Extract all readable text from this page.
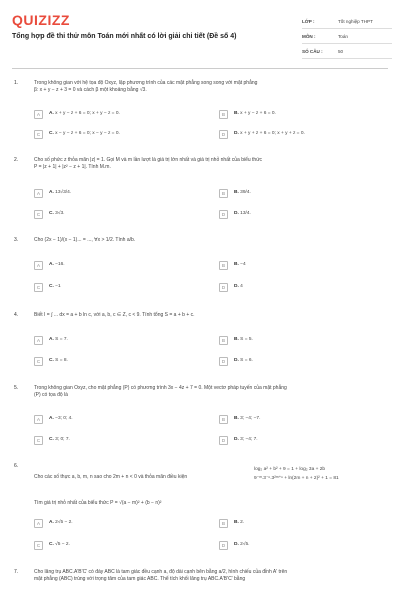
QUIZIZZ
Tổng hợp đề thi thử môn Toán mới nhất có lời giải chi tiết (Đề số 4)
LỚP :	Tốt nghiệp THPT
MÔN :	Toán
SỐ CÂU :	50
1.	Trong không gian với hệ tọa độ Oxyz, lập phương trình của các mặt phẳng song song với mặt phẳng
β: x + y − z + 3 = 0 và cách β một khoảng bằng √3.
A	A. x + y − z + 6 = 0; x + y − z = 0.	B	B. x + y − z + 6 = 0.
C	C. x − y − z + 6 = 0; x − y − z = 0.	D	D. x + y + z + 6 = 0; x + y + z = 0.
2.	Cho số phức z thỏa mãn |z| = 1. Gọi M và m lần lượt là giá trị lớn nhất và giá trị nhỏ nhất của biểu thức
P = |z + 1| + |z² − z + 1|. Tính M.m.
A	A. 13√3/4.	B	B. 39/4.
C	C. 3√3.	D	D. 13/4.
3.	Cho (2x − 1)/(x − 1)... = ..., ∀x > 1/2. Tính a/b.
A	A. −16.	B	B. −4
C	C. −1	D	D. 4
4.	Biết I = ∫ ... dx = a + b ln c, với a, b, c ∈ Z, c < 9. Tính tổng S = a + b + c.
A	A. S = 7.	B	B. S = 5.
C	C. S = 8.	D	D. S = 6.
5.	Trong không gian Oxyz, cho mặt phẳng (P) có phương trình 3x − 4z + 7 = 0. Một vectơ pháp tuyến của mặt phẳng
(P) có tọa độ là
A	A. −3; 0; 4.	B	B. 3; −4; −7.
C	C. 3; 0; 7.	D	D. 3; −4; 7.
6.
Cho các số thực a, b, m, n sao cho 2m + n < 0 và thỏa mãn điều kiện
log₂ a² + b² + 9 = 1 + log₂ 3a + 2b
9⁻ᵐ.3⁻ⁿ.3²ᵐ⁺ⁿ + ln(2m + n + 2)² + 1 = 81
Tìm giá trị nhỏ nhất của biểu thức P = √(a − m)² + (b − n)²
A	A. 2√5 − 2.	B	B. 2.
C	C. √5 − 2.	D	D. 2√5.
7.	Cho lăng trụ ABC.A'B'C' có đáy ABC là tam giác đều cạnh a, độ dài cạnh bên bằng a/2, hình chiếu của đỉnh A' trên
mặt phẳng (ABC) trùng với trọng tâm của tam giác ABC. Thể tích khối lăng trụ ABC.A'B'C' bằng
